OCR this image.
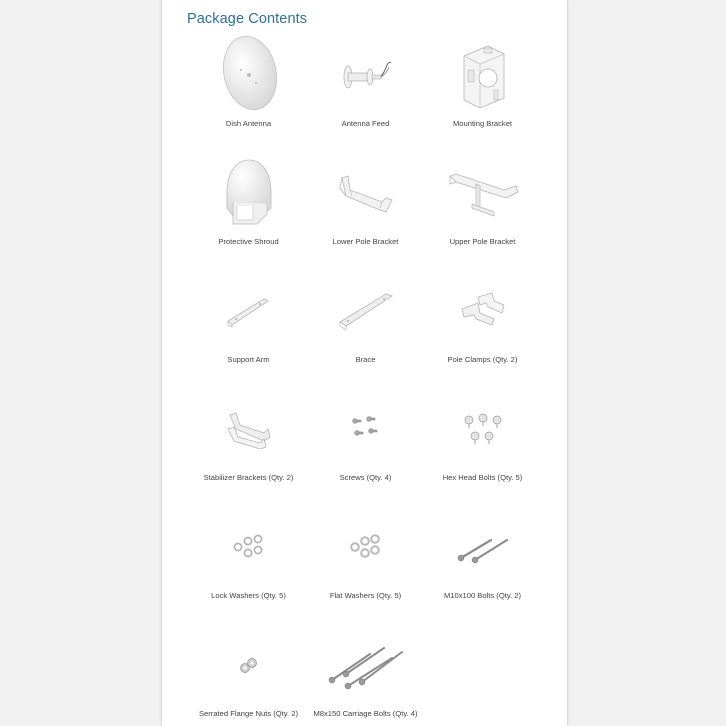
Package Contents
Dish Antenna	Antenna Feed	Mounting Bracket
Protective Shroud	Lower Pole Bracket	Upper Pole Bracket
Support Arm	Brace	Pole Clamps (Qty. 2)
Stabilizer Brackets (Qty. 2)	Screws (Qty. 4)	Hex Head Bolts (Qty. 5)
Lock Washers (Qty. 5)	Flat Washers (Qty. 5)	M10x100 Bolts (Qty. 2)
Serrated Flange Nuts (Qty. 2)	M8x150 Carriage Bolts (Qty. 4)
